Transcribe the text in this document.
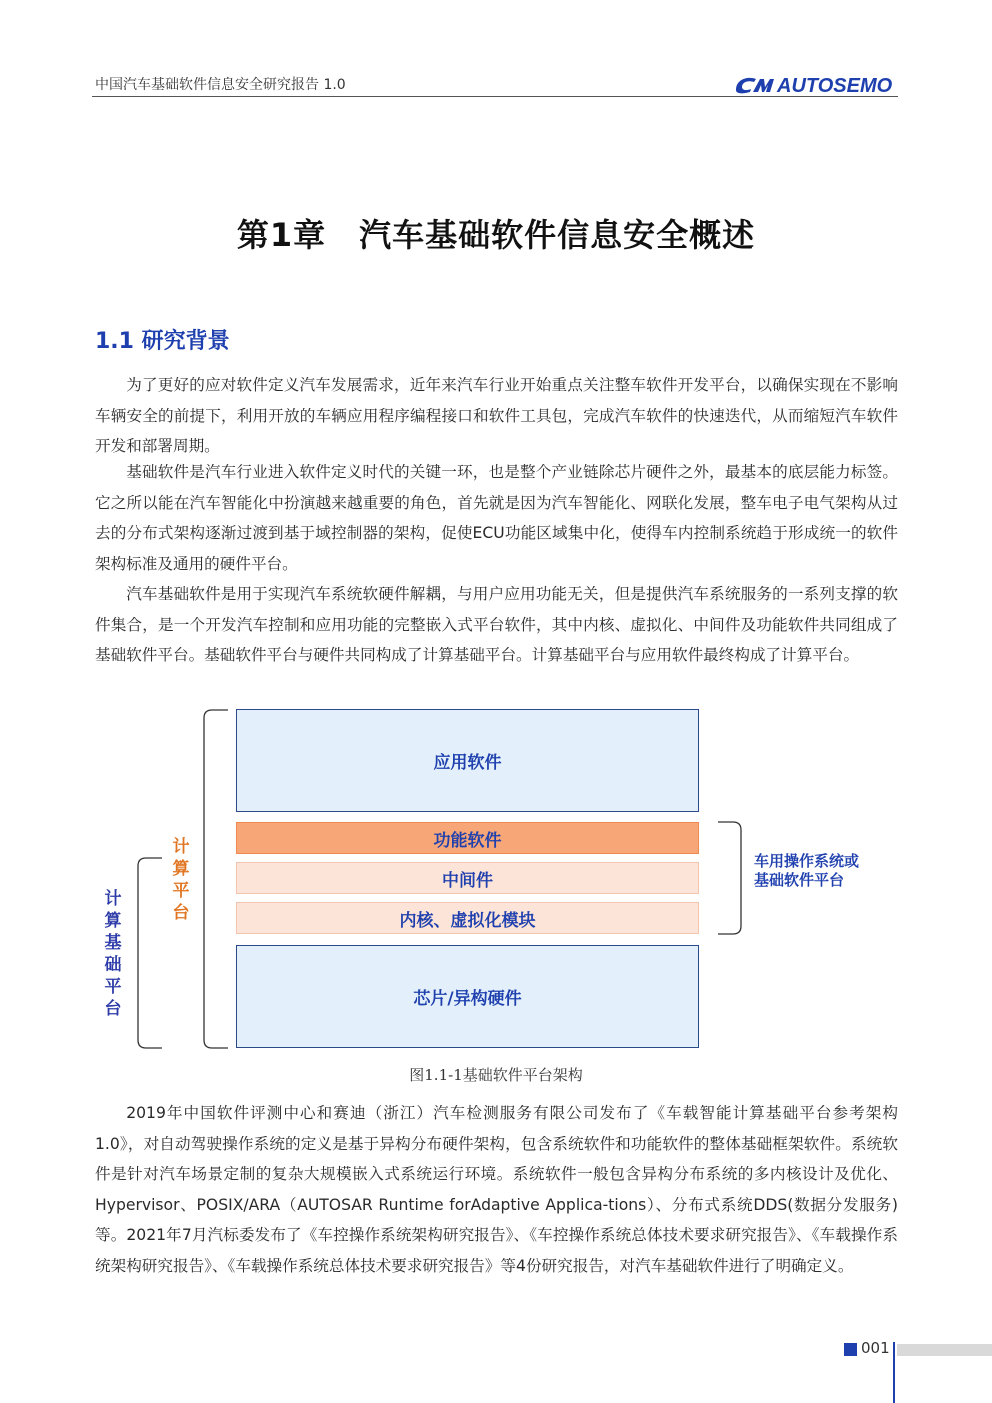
中国汽车基础软件信息安全研究报告 1.0	AUTOSEMO
第1章　汽车基础软件信息安全概述
1.1 研究背景

为了更好的应对软件定义汽车发展需求，近年来汽车行业开始重点关注整车软件开发平台，以确保实现在不影响车辆安全的前提下，利用开放的车辆应用程序编程接口和软件工具包，完成汽车软件的快速迭代，从而缩短汽车软件开发和部署周期。

基础软件是汽车行业进入软件定义时代的关键一环，也是整个产业链除芯片硬件之外，最基本的底层能力标签。它之所以能在汽车智能化中扮演越来越重要的角色，首先就是因为汽车智能化、网联化发展，整车电子电气架构从过去的分布式架构逐渐过渡到基于域控制器的架构，促使ECU功能区域集中化，使得车内控制系统趋于形成统一的软件架构标准及通用的硬件平台。

汽车基础软件是用于实现汽车系统软硬件解耦，与用户应用功能无关，但是提供汽车系统服务的一系列支撑的软件集合，是一个开发汽车控制和应用功能的完整嵌入式平台软件，其中内核、虚拟化、中间件及功能软件共同组成了基础软件平台。基础软件平台与硬件共同构成了计算基础平台。计算基础平台与应用软件最终构成了计算平台。

应用软件
功能软件
中间件
内核、虚拟化模块
芯片/异构硬件
计
算
平
台
计
算
基
础
平
台
车用操作系统或
基础软件平台
图1.1-1基础软件平台架构

2019年中国软件评测中心和赛迪（浙江）汽车检测服务有限公司发布了《车载智能计算基础平台参考架构1.0》，对自动驾驶操作系统的定义是基于异构分布硬件架构，包含系统软件和功能软件的整体基础框架软件。系统软件是针对汽车场景定制的复杂大规模嵌入式系统运行环境。系统软件一般包含异构分布系统的多内核设计及优化、Hypervisor、POSIX/ARA（AUTOSAR Runtime forAdaptive Applica-tions）、分布式系统DDS(数据分发服务)等。2021年7月汽标委发布了《车控操作系统架构研究报告》、《车控操作系统总体技术要求研究报告》、《车载操作系统架构研究报告》、《车载操作系统总体技术要求研究报告》等4份研究报告，对汽车基础软件进行了明确定义。

001
